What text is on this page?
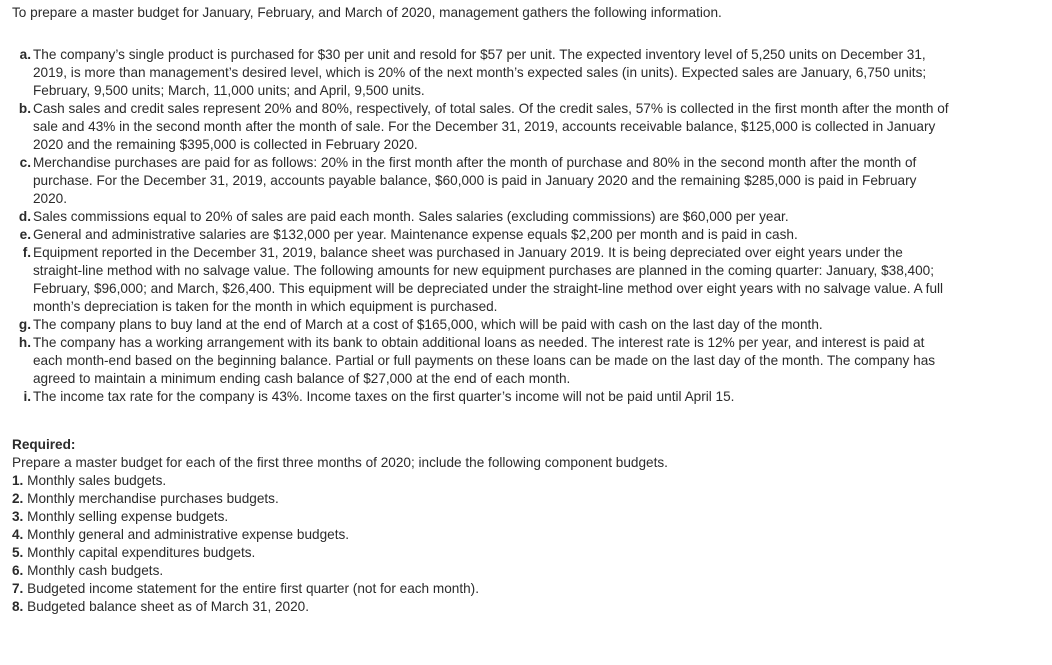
To prepare a master budget for January, February, and March of 2020, management gathers the following information.

a. The company’s single product is purchased for $30 per unit and resold for $57 per unit. The expected inventory level of 5,250 units on December 31, 2019, is more than management’s desired level, which is 20% of the next month’s expected sales (in units). Expected sales are January, 6,750 units; February, 9,500 units; March, 11,000 units; and April, 9,500 units.
b. Cash sales and credit sales represent 20% and 80%, respectively, of total sales. Of the credit sales, 57% is collected in the first month after the month of sale and 43% in the second month after the month of sale. For the December 31, 2019, accounts receivable balance, $125,000 is collected in January 2020 and the remaining $395,000 is collected in February 2020.
c. Merchandise purchases are paid for as follows: 20% in the first month after the month of purchase and 80% in the second month after the month of purchase. For the December 31, 2019, accounts payable balance, $60,000 is paid in January 2020 and the remaining $285,000 is paid in February 2020.
d. Sales commissions equal to 20% of sales are paid each month. Sales salaries (excluding commissions) are $60,000 per year.
e. General and administrative salaries are $132,000 per year. Maintenance expense equals $2,200 per month and is paid in cash.
f. Equipment reported in the December 31, 2019, balance sheet was purchased in January 2019. It is being depreciated over eight years under the straight-line method with no salvage value. The following amounts for new equipment purchases are planned in the coming quarter: January, $38,400; February, $96,000; and March, $26,400. This equipment will be depreciated under the straight-line method over eight years with no salvage value. A full month’s depreciation is taken for the month in which equipment is purchased.
g. The company plans to buy land at the end of March at a cost of $165,000, which will be paid with cash on the last day of the month.
h. The company has a working arrangement with its bank to obtain additional loans as needed. The interest rate is 12% per year, and interest is paid at each month-end based on the beginning balance. Partial or full payments on these loans can be made on the last day of the month. The company has agreed to maintain a minimum ending cash balance of $27,000 at the end of each month.
i. The income tax rate for the company is 43%. Income taxes on the first quarter’s income will not be paid until April 15.

Required:

Prepare a master budget for each of the first three months of 2020; include the following component budgets.

1. Monthly sales budgets.
2. Monthly merchandise purchases budgets.
3. Monthly selling expense budgets.
4. Monthly general and administrative expense budgets.
5. Monthly capital expenditures budgets.
6. Monthly cash budgets.
7. Budgeted income statement for the entire first quarter (not for each month).
8. Budgeted balance sheet as of March 31, 2020.
